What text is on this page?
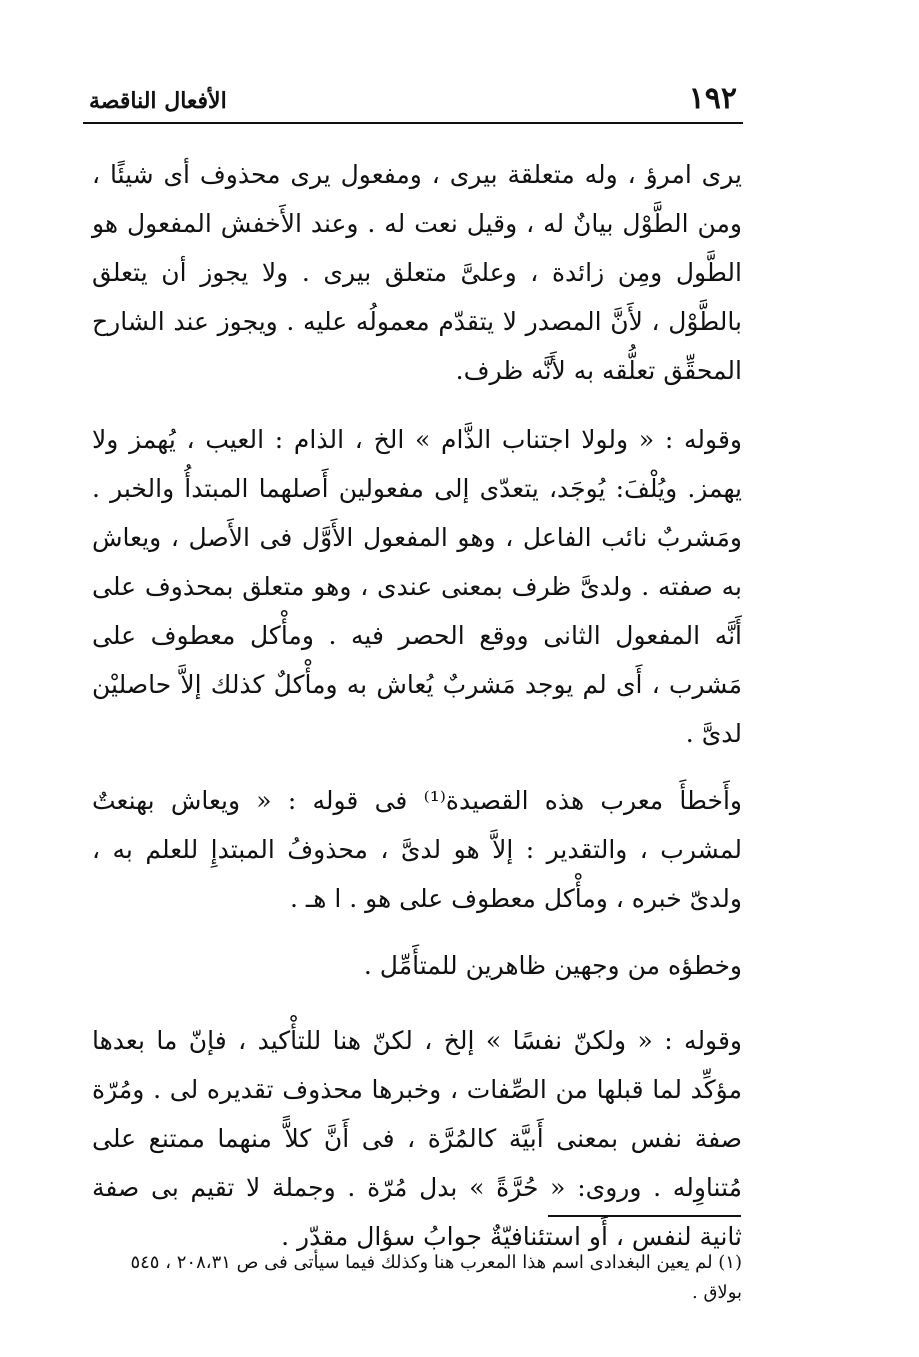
١٩٢
الأفعال الناقصة

يرى امرؤ ، وله متعلقة بيرى ، ومفعول يرى محذوف أى شيئًا ، ومن الطَّوْل بيانٌ له ، وقيل نعت له . وعند الأَخفش المفعول هو الطَّول ومِن زائدة ، وعلىَّ متعلق بيرى . ولا يجوز أن يتعلق بالطَّوْل ، لأَنَّ المصدر لا يتقدّم معمولُه عليه . ويجوز عند الشارح المحقِّق تعلُّقه به لأَنَّه ظرف.

وقوله : « ولولا اجتناب الذَّام » الخ ، الذام : العيب ، يُهمز ولا يهمز. ويُلْفَ: يُوجَد، يتعدّى إلى مفعولين أَصلهما المبتدأُ والخبر . ومَشربٌ نائب الفاعل ، وهو المفعول الأَوَّل فى الأَصل ، ويعاش به صفته . ولدىَّ ظرف بمعنى عندى ، وهو متعلق بمحذوف على أَنَّه المفعول الثانى ووقع الحصر فيه . ومأْكل معطوف على مَشرب ، أَى لم يوجد مَشربٌ يُعاش به ومأْكلٌ كذلك إلاَّ حاصليْن لدىَّ .

وأَخطأَ معرب هذه القصيدة⁽¹⁾ فى قوله : « ويعاش بهنعتٌ لمشرب ، والتقدير : إلاَّ هو لدىَّ ، محذوفُ المبتدإِ للعلم به ، ولدىّ خبره ، ومأْكل معطوف على هو . ا هـ .

وخطؤه من وجهين ظاهرين للمتأَمِّل .

وقوله : « ولكنّ نفسًا » إلخ ، لكنّ هنا للتأْكيد ، فإنّ ما بعدها مؤكِّد لما قبلها من الصِّفات ، وخبرها محذوف تقديره لى . ومُرّة صفة نفس بمعنى أَبيَّة كالمُرَّة ، فى أَنَّ كلاًّ منهما ممتنع على مُتناوِله . وروى: « حُرَّةً » بدل مُرّة . وجملة لا تقيم بى صفة ثانية لنفس ، أَو استئنافيّةٌ جوابُ سؤال مقدّر .

(١) لم يعين البغدادى اسم هذا المعرب هنا وكذلك فيما سيأتى فى ص ٢٠٨،٣١ ، ٥٤٥ بولاق .
